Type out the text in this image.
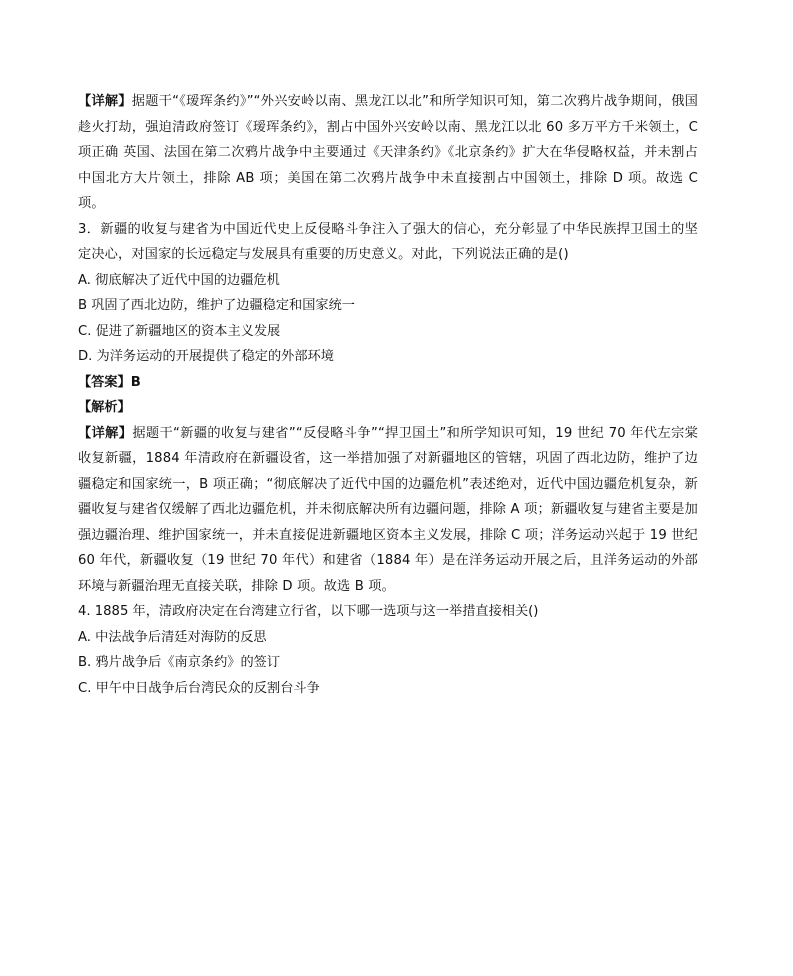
【详解】据题干“《瑷珲条约》”“外兴安岭以南、黑龙江以北”和所学知识可知，第二次鸦片战争期间，俄国趁火打劫，强迫清政府签订《瑷珲条约》，割占中国外兴安岭以南、黑龙江以北 60 多万平方千米领土，C 项正确 英国、法国在第二次鸦片战争中主要通过《天津条约》《北京条约》扩大在华侵略权益，并未割占中国北方大片领土，排除 AB 项；美国在第二次鸦片战争中未直接割占中国领土，排除 D 项。故选 C 项。

3．新疆的收复与建省为中国近代史上反侵略斗争注入了强大的信心，充分彰显了中华民族捍卫国土的坚定决心，对国家的长远稳定与发展具有重要的历史意义。对此，下列说法正确的是()

A. 彻底解决了近代中国的边疆危机

B 巩固了西北边防，维护了边疆稳定和国家统一

C. 促进了新疆地区的资本主义发展

D. 为洋务运动的开展提供了稳定的外部环境

【答案】B

【解析】

【详解】据题干“新疆的收复与建省”“反侵略斗争”“捍卫国土”和所学知识可知，19 世纪 70 年代左宗棠收复新疆，1884 年清政府在新疆设省，这一举措加强了对新疆地区的管辖，巩固了西北边防，维护了边疆稳定和国家统一，B 项正确；“彻底解决了近代中国的边疆危机”表述绝对，近代中国边疆危机复杂，新疆收复与建省仅缓解了西北边疆危机，并未彻底解决所有边疆问题，排除 A 项；新疆收复与建省主要是加强边疆治理、维护国家统一，并未直接促进新疆地区资本主义发展，排除 C 项；洋务运动兴起于 19 世纪 60 年代，新疆收复（19 世纪 70 年代）和建省（1884 年）是在洋务运动开展之后，且洋务运动的外部环境与新疆治理无直接关联，排除 D 项。故选 B 项。

4. 1885 年，清政府决定在台湾建立行省，以下哪一选项与这一举措直接相关()

A. 中法战争后清廷对海防的反思

B. 鸦片战争后《南京条约》的签订

C. 甲午中日战争后台湾民众的反割台斗争
